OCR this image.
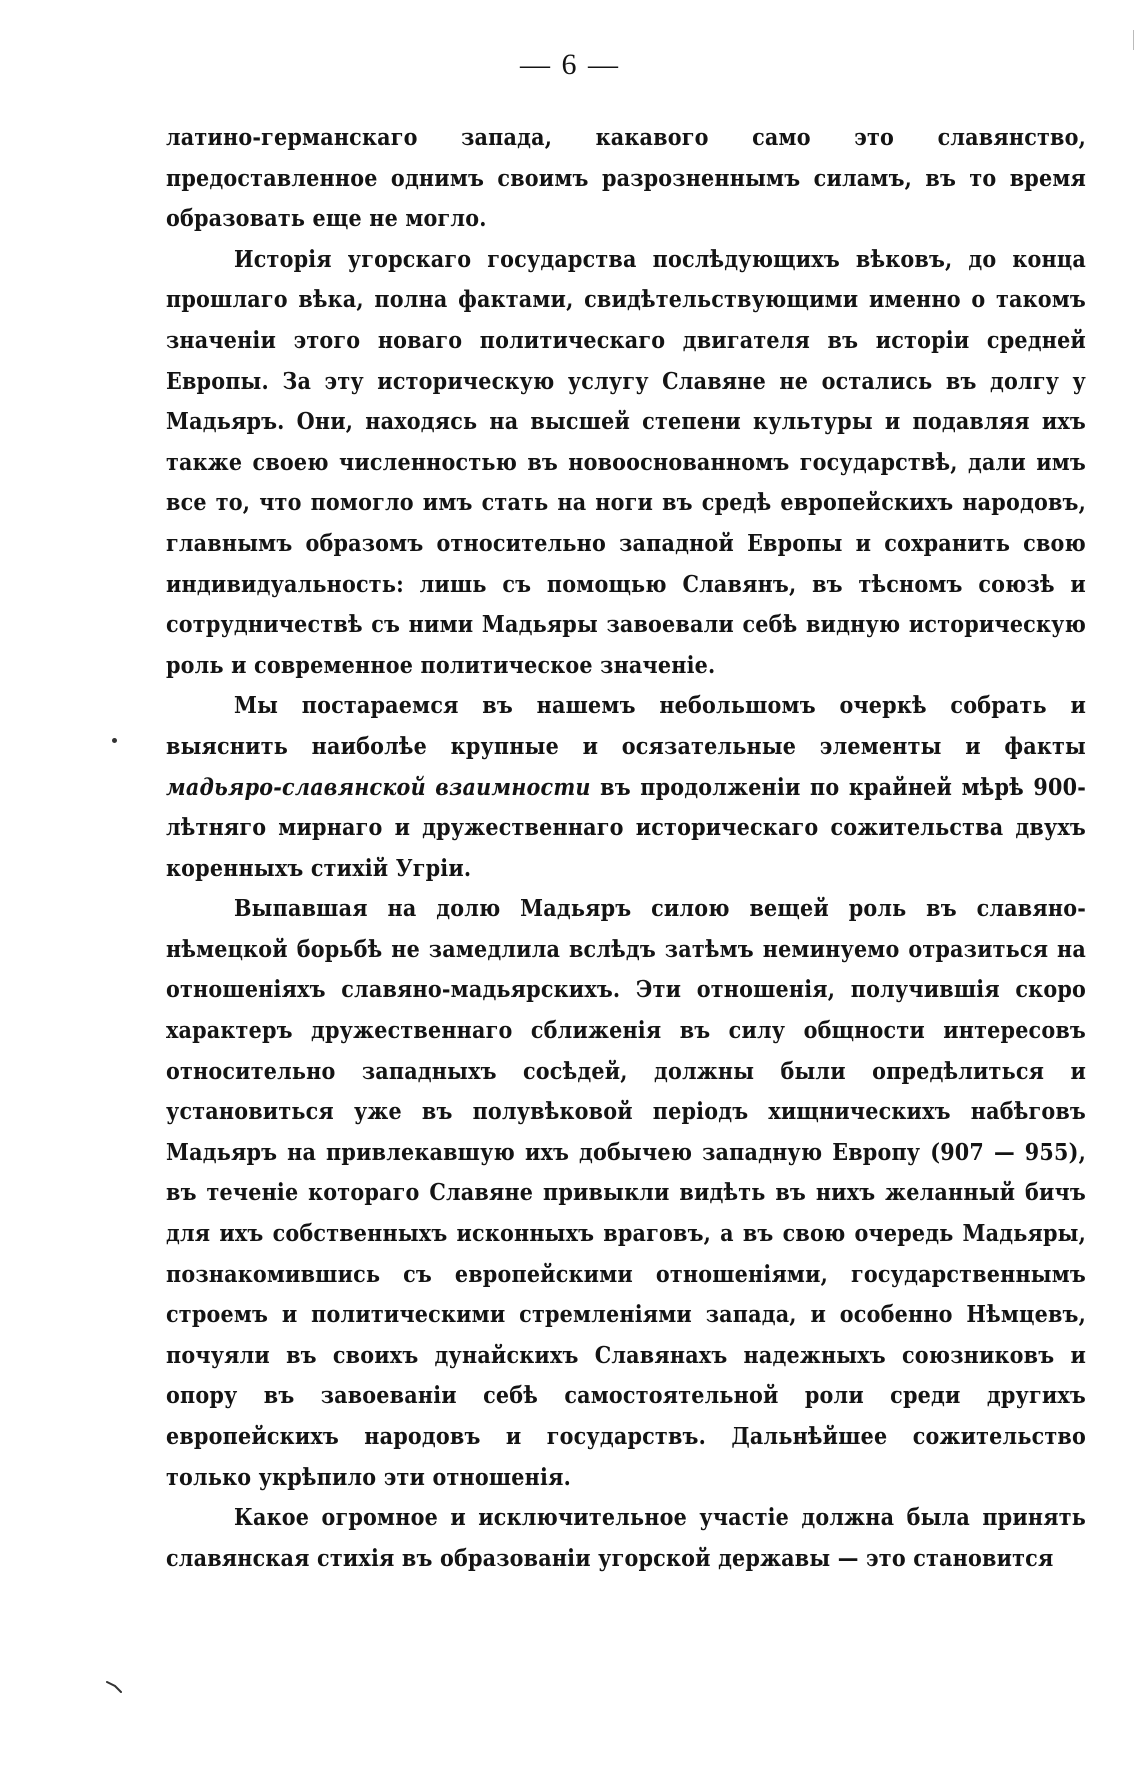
— 6 —

латино-германскаго запада, какавого само это славянство, предоставленное однимъ своимъ разрозненнымъ силамъ, въ то время образовать еще не могло.

Исторія угорскаго государства послѣдующихъ вѣковъ, до конца прошлаго вѣка, полна фактами, свидѣтельствующими именно о такомъ значеніи этого новаго политическаго двигателя въ исторіи средней Европы. За эту историческую услугу Славяне не остались въ долгу у Мадьяръ. Они, находясь на высшей степени культуры и подавляя ихъ также своею численностью въ новооснованномъ государствѣ, дали имъ все то, что помогло имъ стать на ноги въ средѣ европейскихъ народовъ, главнымъ образомъ относительно западной Европы и сохранить свою индивидуальность: лишь съ помощью Славянъ, въ тѣсномъ союзѣ и сотрудничествѣ съ ними Мадьяры завоевали себѣ видную историческую роль и современное политическое значеніе.

Мы постараемся въ нашемъ небольшомъ очеркѣ собрать и выяснить наиболѣе крупные и осязательные элементы и факты мадьяро-славянской взаимности въ продолженіи по крайней мѣрѣ 900-лѣтняго мирнаго и дружественнаго историческаго сожительства двухъ коренныхъ стихій Угріи.

Выпавшая на долю Мадьяръ силою вещей роль въ славяно-нѣмецкой борьбѣ не замедлила вслѣдъ затѣмъ неминуемо отразиться на отношеніяхъ славяно-мадьярскихъ. Эти отношенія, получившія скоро характеръ дружественнаго сближенія въ силу общности интересовъ относительно западныхъ сосѣдей, должны были опредѣлиться и установиться уже въ полувѣковой періодъ хищническихъ набѣговъ Мадьяръ на привлекавшую ихъ добычею западную Европу (907 — 955), въ теченіе котораго Славяне привыкли видѣть въ нихъ желанный бичъ для ихъ собственныхъ исконныхъ враговъ, а въ свою очередь Мадьяры, познакомившись съ европейскими отношеніями, государственнымъ строемъ и политическими стремленіями запада, и особенно Нѣмцевъ, почуяли въ своихъ дунайскихъ Славянахъ надежныхъ союзниковъ и опору въ завоеваніи себѣ самостоятельной роли среди другихъ европейскихъ народовъ и государствъ. Дальнѣйшее сожительство только укрѣпило эти отношенія.

Какое огромное и исключительное участіе должна была принять славянская стихія въ образованіи угорской державы — это становится
